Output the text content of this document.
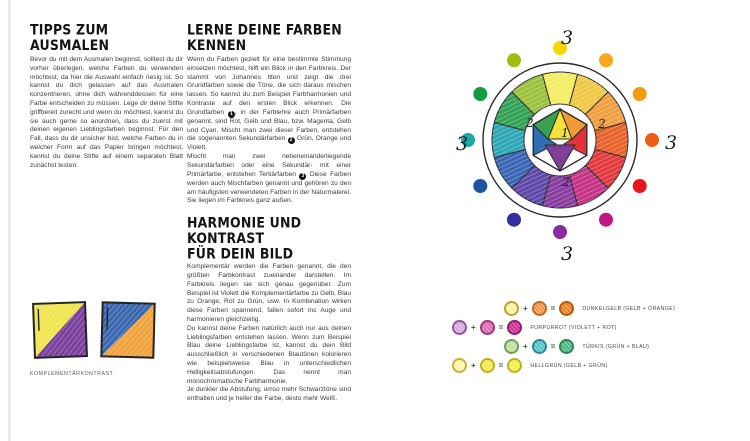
TIPPS ZUM AUSMALEN

Bevor du mit dem Ausmalen beginnst, solltest du dir vorher überlegen, welche Farben du verwenden möchtest, da hier die Auswahl einfach riesig ist. So kannst du dich gelassen auf das Ausmalen konzentrieren, ohne dich währenddessen für eine Farbe entscheiden zu müssen. Lege dir deine Stifte griffbereit zurecht und wenn du möchtest, kannst du sie auch gerne so anordnen, dass du zuerst mit deinen eigenen Lieblingsfarben beginnst. Für den Fall, dass du dir unsicher bist, welche Farben du in welcher Form auf das Papier bringen möchtest, kannst du deine Stifte auf einem separaten Blatt zunächst testen.

LERNE DEINE FARBEN KENNEN

Wenn du Farben gezielt für eine bestimmte Stimmung einsetzen möchtest, hilft ein Blick in den Farbkreis. Der stammt von Johannes Itten und zeigt die drei Grundfarben sowie die Töne, die sich daraus mischen lassen. So kannst du zum Beispiel Farbharmonien und Kontraste auf den ersten Blick erkennen. Die Grundfarben 1 , in der Farblehre auch Primärfarben genannt, sind Rot, Gelb und Blau, bzw. Magenta, Gelb und Cyan. Mischt man zwei dieser Farben, entstehen die sogenannten Sekundärfarben 2 Grün, Orange und Violett.

Mischt man zwei nebeneinanderliegende Sekundärfarben oder eine Sekundär- mit einer Primärfarbe, entstehen Tertiärfarben 3 Diese Farben werden auch Mischfarben genannt und gehören zu den am häufigsten verwendeten Farben in der Naturmalerei. Sie liegen im Farbkreis ganz außen.

HARMONIE UND KONTRAST
FÜR DEIN BILD

Komplementär werden die Farben genannt, die den größten Farbkontrast zueinander darstellen. Im Farbkreis liegen sie sich genau gegenüber. Zum Beispiel ist Violett die Komplementärfarbe zu Gelb, Blau zu Orange, Rot zu Grün, usw. In Kombination wirken diese Farben spannend, fallen sofort ins Auge und harmonieren gleichzeitig.

Du kannst deine Farben natürlich auch nur aus deinen Lieblingsfarben entstehen lassen. Wenn zum Beispiel Blau deine Lieblingsfarbe ist, kannst du dein Bild ausschließlich in verschiedenen Blautönen kolorieren wie beispielsweise Blau in unterschiedlichen Helligkeitsabstufungen. Das nennt man monochromatische Farbharmonie.

Je dunkler die Abstufung, umso mehr Schwarztöne sind enthalten und je heller die Farbe, desto mehr Weiß.

KOMPLEMENTÄRKONTRAST
3
3
3
3
2	2
2
1
+	=	DUNKELGELB (GELB + ORANGE)
+	=	PURPURROT (VIOLETT + ROT)
+	=	TÜRKIS (GRÜN + BLAU)
+	=	HELLGRÜN (GELB + GRÜN)
